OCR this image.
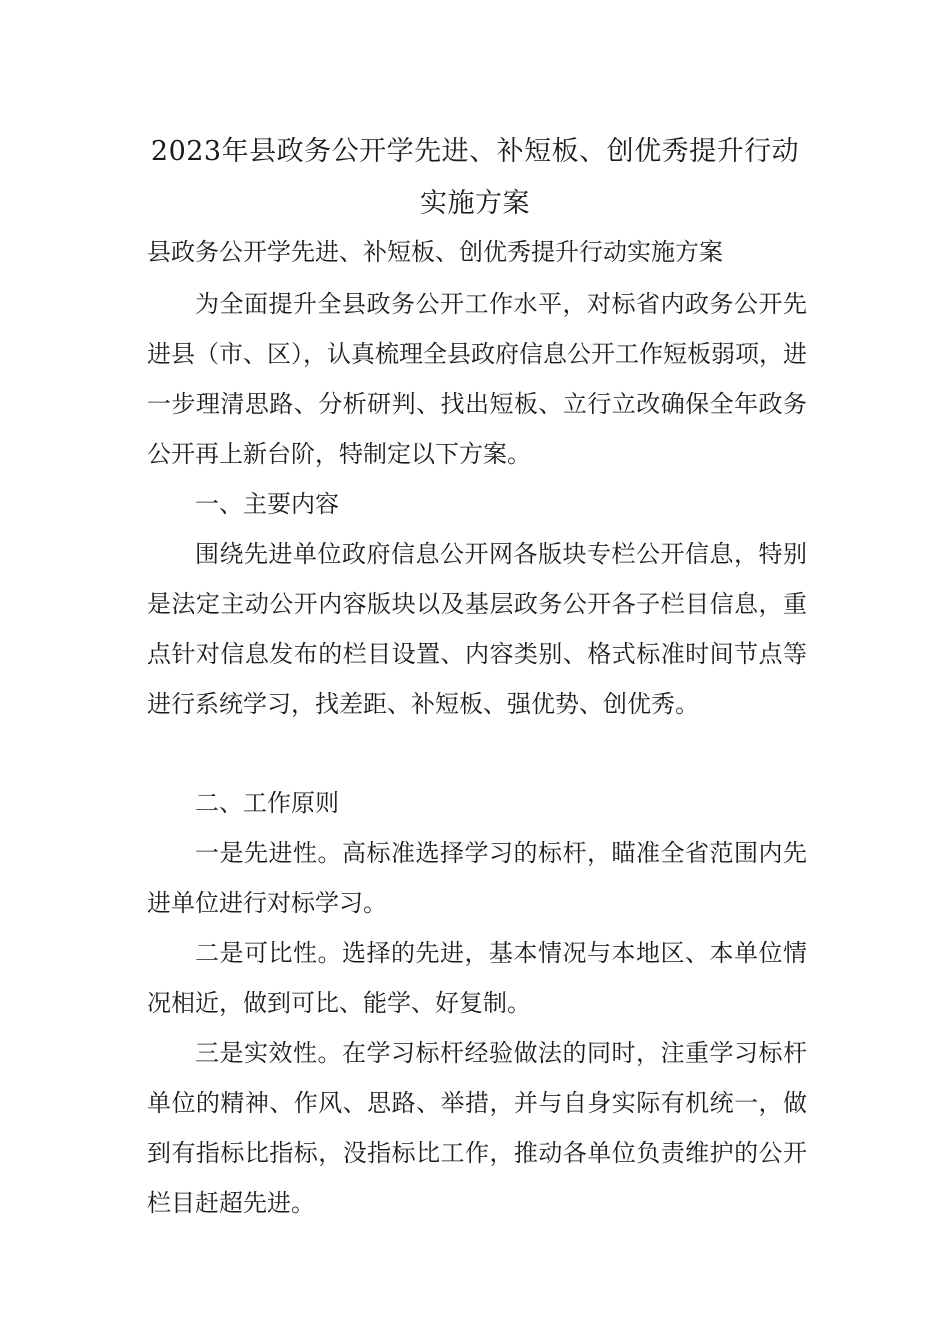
2023年县政务公开学先进、补短板、创优秀提升行动实施方案
县政务公开学先进、补短板、创优秀提升行动实施方案

为全面提升全县政务公开工作水平，对标省内政务公开先进县（市、区），认真梳理全县政府信息公开工作短板弱项，进一步理清思路、分析研判、找出短板、立行立改确保全年政务公开再上新台阶，特制定以下方案。

一、主要内容

围绕先进单位政府信息公开网各版块专栏公开信息，特别是法定主动公开内容版块以及基层政务公开各子栏目信息，重点针对信息发布的栏目设置、内容类别、格式标准时间节点等进行系统学习，找差距、补短板、强优势、创优秀。

二、工作原则

一是先进性。高标准选择学习的标杆，瞄准全省范围内先进单位进行对标学习。

二是可比性。选择的先进，基本情况与本地区、本单位情况相近，做到可比、能学、好复制。

三是实效性。在学习标杆经验做法的同时，注重学习标杆单位的精神、作风、思路、举措，并与自身实际有机统一，做到有指标比指标，没指标比工作，推动各单位负责维护的公开栏目赶超先进。
